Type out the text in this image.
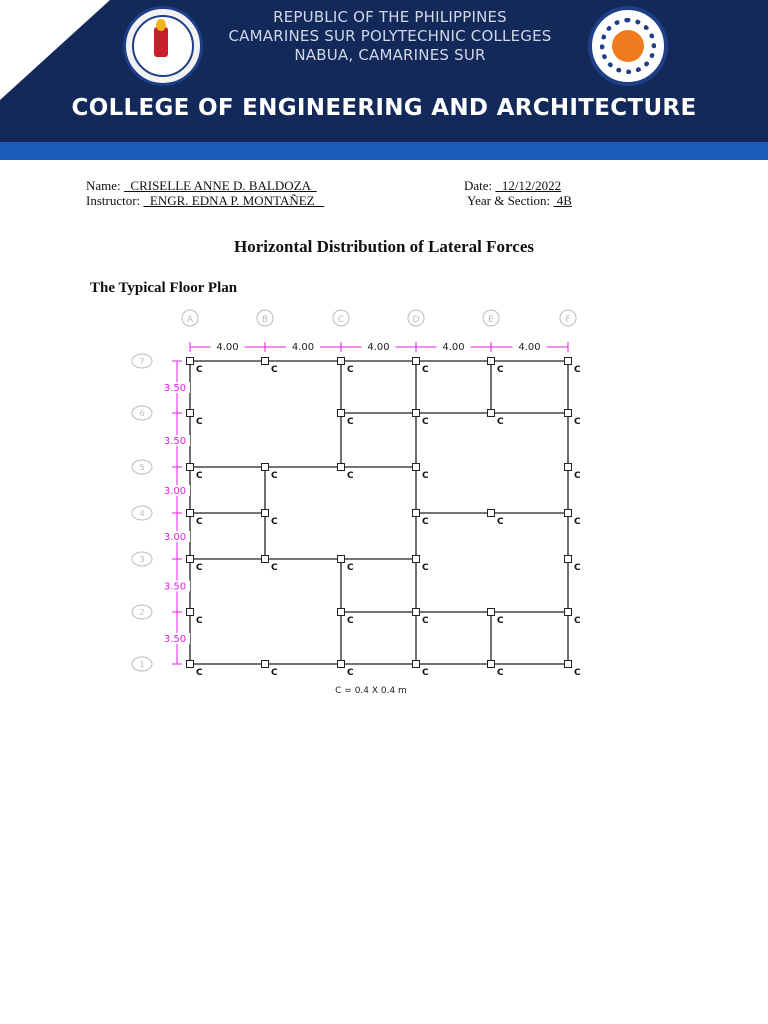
REPUBLIC OF THE PHILIPPINES
CAMARINES SUR POLYTECHNIC COLLEGES
NABUA, CAMARINES SUR
COLLEGE OF ENGINEERING AND ARCHITECTURE
Name:   CRISELLE ANNE D. BALDOZA	Date:   12/12/2022
Instructor:   ENGR. EDNA P. MONTAÑEZ	Year & Section:  4B
Horizontal Distribution of Lateral Forces
The Typical Floor Plan
A	B	C	D	E	F
7
6
5
4
3
2
1
C	C	C	C	C	C
C	C	C	C	C
C	C	C	C	C
C	C	C	C	C
C	C	C	C	C
C	C	C	C	C
C	C	C	C	C	C
4.00	4.00	4.00	4.00	4.00
3.50
3.50
3.00
3.00
3.50
3.50
C = 0.4 X 0.4 m
